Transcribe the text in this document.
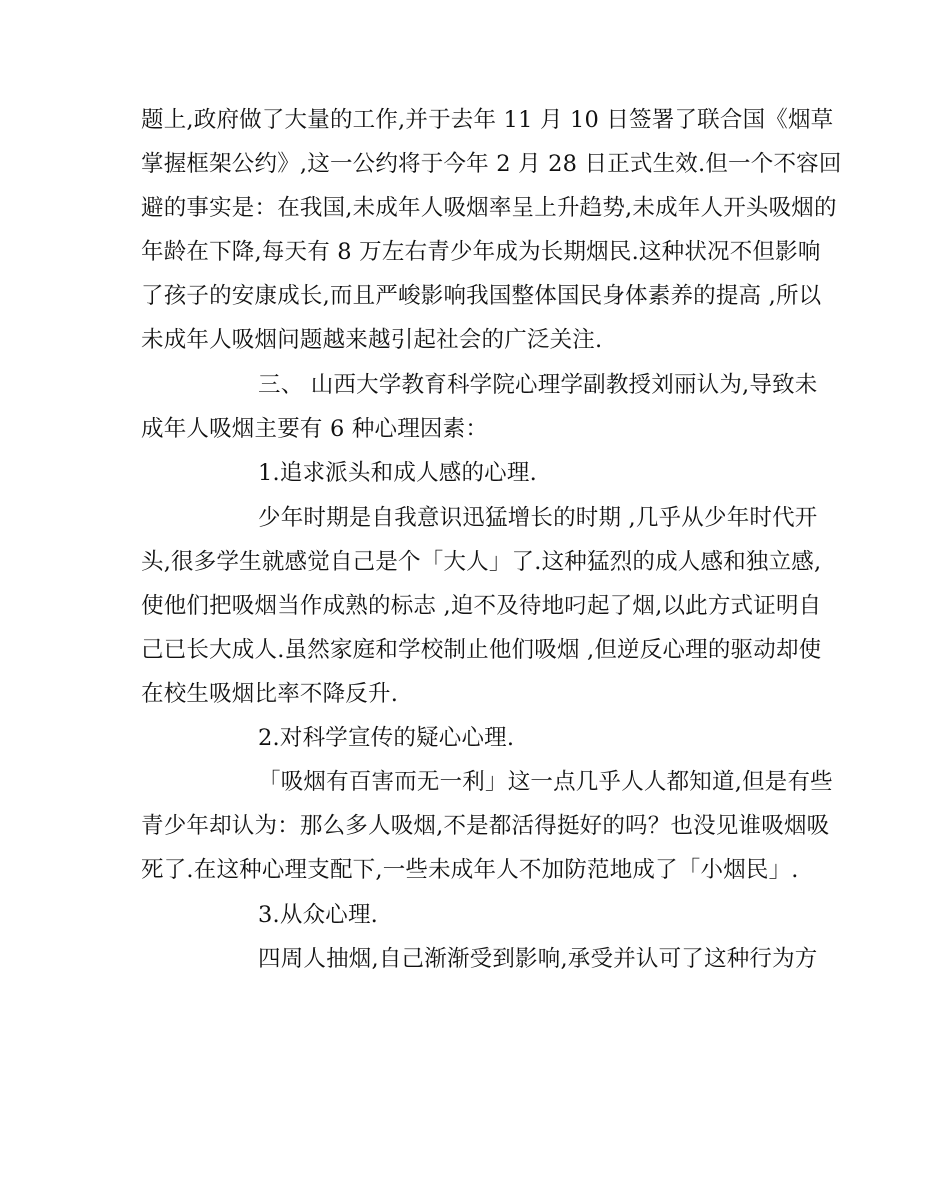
题上,政府做了大量的工作,并于去年 11 月 10 日签署了联合国《烟草
掌握框架公约》,这一公约将于今年 2 月 28 日正式生效.但一个不容回
避的事实是：在我国,未成年人吸烟率呈上升趋势,未成年人开头吸烟的
年龄在下降,每天有 8 万左右青少年成为长期烟民.这种状况不但影响
了孩子的安康成长,而且严峻影响我国整体国民身体素养的提高 ,所以
未成年人吸烟问题越来越引起社会的广泛关注.
三、 山西大学教育科学院心理学副教授刘丽认为,导致未
成年人吸烟主要有 6 种心理因素：
1.追求派头和成人感的心理.
少年时期是自我意识迅猛增长的时期 ,几乎从少年时代开
头,很多学生就感觉自己是个「大人」了.这种猛烈的成人感和独立感,
使他们把吸烟当作成熟的标志 ,迫不及待地叼起了烟,以此方式证明自
己已长大成人.虽然家庭和学校制止他们吸烟 ,但逆反心理的驱动却使
在校生吸烟比率不降反升.
2.对科学宣传的疑心心理.
「吸烟有百害而无一利」这一点几乎人人都知道,但是有些
青少年却认为：那么多人吸烟,不是都活得挺好的吗？也没见谁吸烟吸
死了.在这种心理支配下,一些未成年人不加防范地成了「小烟民」.
3.从众心理.
四周人抽烟,自己渐渐受到影响,承受并认可了这种行为方
